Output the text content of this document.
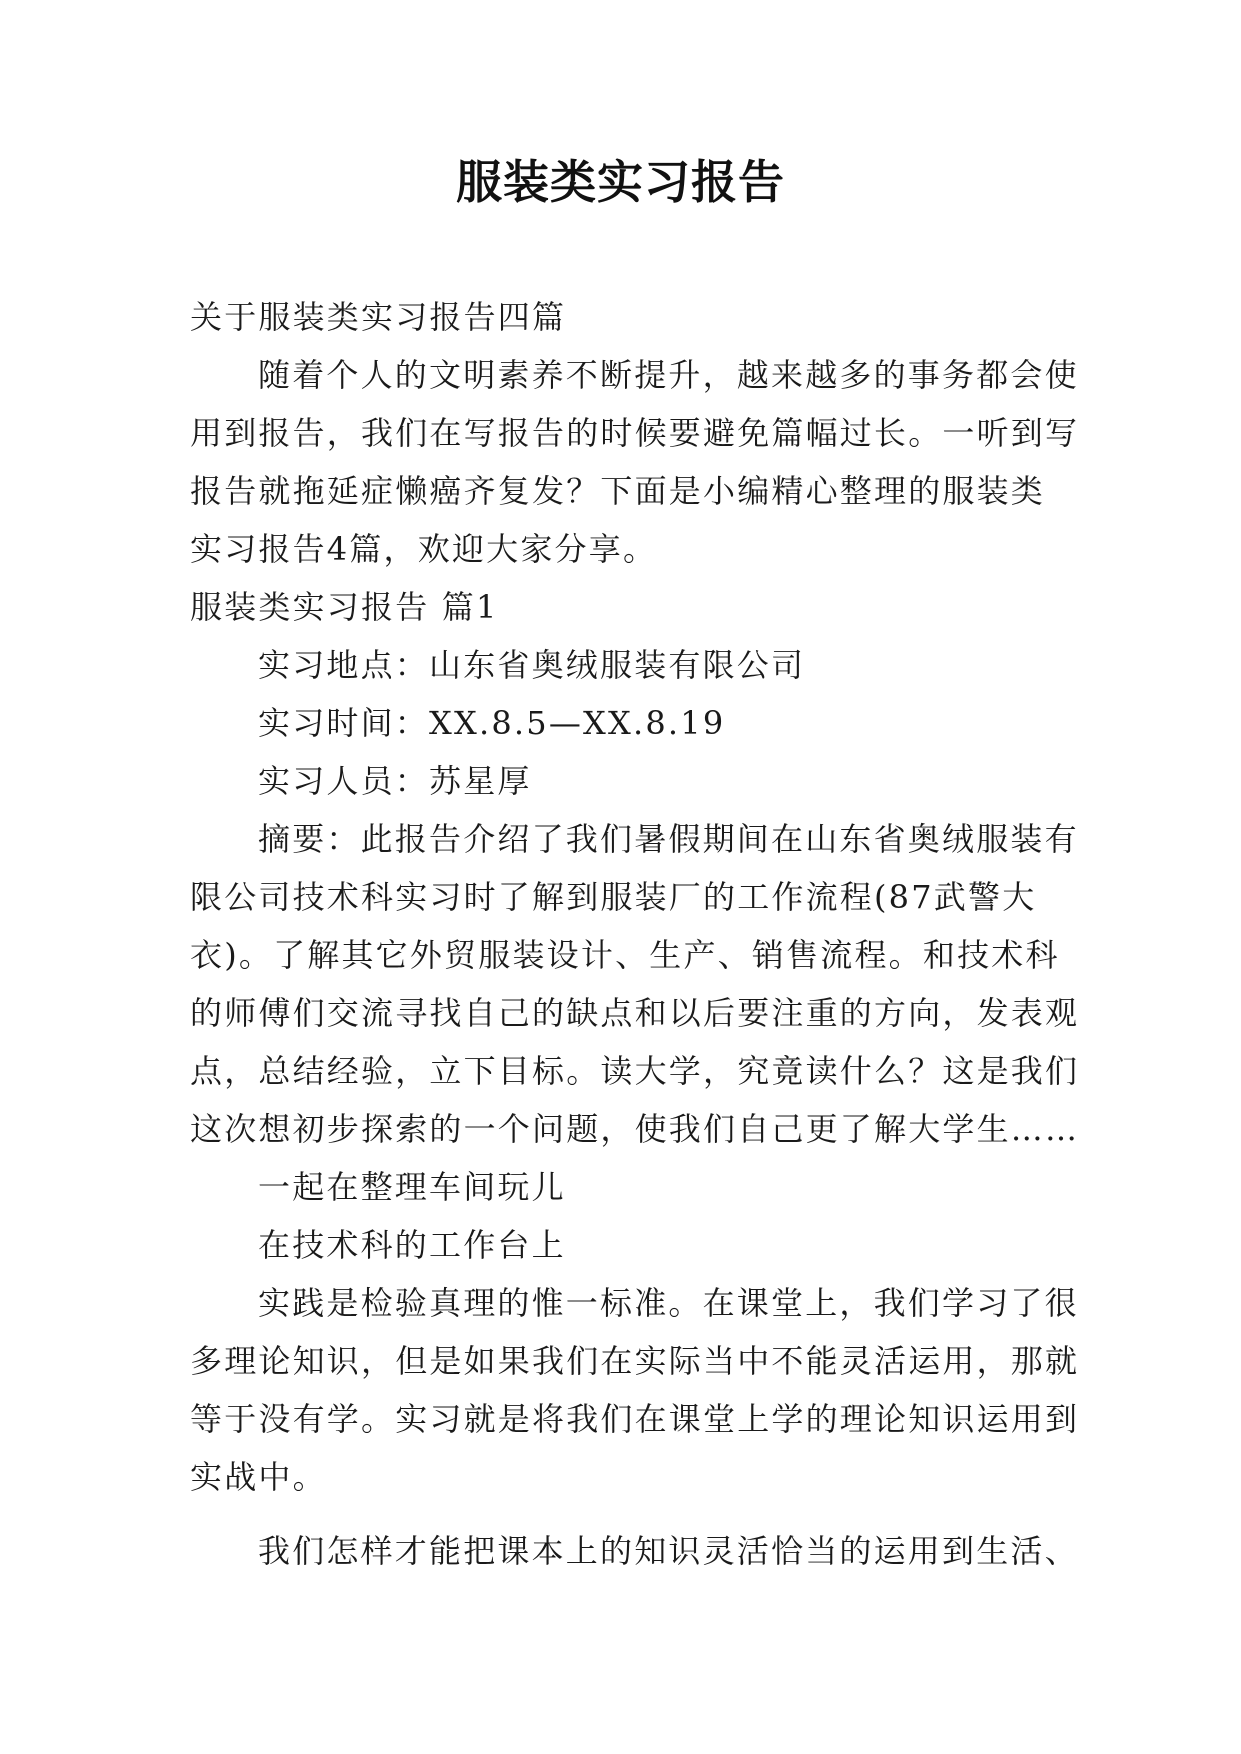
服装类实习报告
关于服装类实习报告四篇
随着个人的文明素养不断提升，越来越多的事务都会使
用到报告，我们在写报告的时候要避免篇幅过长。一听到写
报告就拖延症懒癌齐复发？下面是小编精心整理的服装类
实习报告4篇，欢迎大家分享。
服装类实习报告 篇1
实习地点：山东省奥绒服装有限公司
实习时间：XX.8.5—XX.8.19
实习人员：苏星厚
摘要：此报告介绍了我们暑假期间在山东省奥绒服装有
限公司技术科实习时了解到服装厂的工作流程(87武警大
衣)。了解其它外贸服装设计、生产、销售流程。和技术科
的师傅们交流寻找自己的缺点和以后要注重的方向，发表观
点，总结经验，立下目标。读大学，究竟读什么？这是我们
这次想初步探索的一个问题，使我们自己更了解大学生……
一起在整理车间玩儿
在技术科的工作台上
实践是检验真理的惟一标准。在课堂上，我们学习了很
多理论知识，但是如果我们在实际当中不能灵活运用，那就
等于没有学。实习就是将我们在课堂上学的理论知识运用到
实战中。
我们怎样才能把课本上的知识灵活恰当的运用到生活、
